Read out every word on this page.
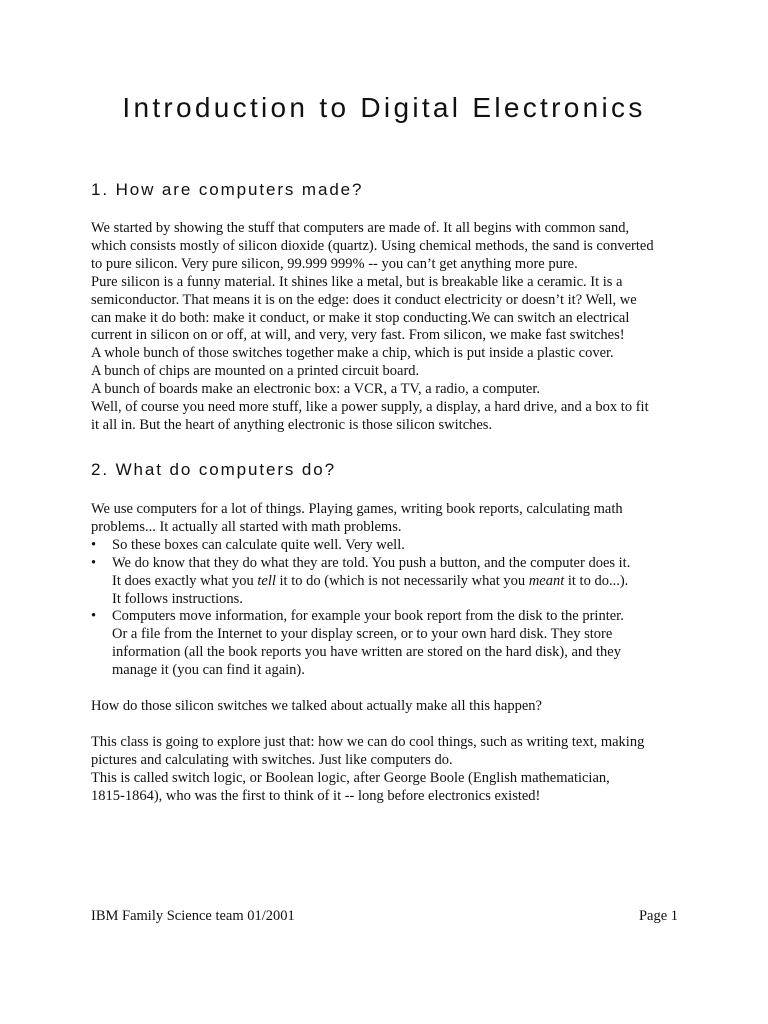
Introduction to Digital Electronics
1. How are computers made?
We started by showing the stuff that computers are made of. It all begins with common sand,
which consists mostly of silicon dioxide (quartz). Using chemical methods, the sand is converted
to pure silicon. Very pure silicon, 99.999 999% -- you can’t get anything more pure.
Pure silicon is a funny material. It shines like a metal, but is breakable like a ceramic. It is a
semiconductor. That means it is on the edge: does it conduct electricity or doesn’t it? Well, we
can make it do both: make it conduct, or make it stop conducting.We can switch an electrical
current in silicon on or off, at will, and very, very fast. From silicon, we make fast switches!
A whole bunch of those switches together make a chip, which is put inside a plastic cover.
A bunch of chips are mounted on a printed circuit board.
A bunch of boards make an electronic box: a VCR, a TV, a radio, a computer.
Well, of course you need more stuff, like a power supply, a display, a hard drive, and a box to fit
it all in. But the heart of anything electronic is those silicon switches.
2. What do computers do?
We use computers for a lot of things. Playing games, writing book reports, calculating math
problems... It actually all started with math problems.
• So these boxes can calculate quite well. Very well.
• We do know that they do what they are told. You push a button, and the computer does it.
It does exactly what you tell it to do (which is not necessarily what you meant it to do...).
It follows instructions.
• Computers move information, for example your book report from the disk to the printer.
Or a file from the Internet to your display screen, or to your own hard disk. They store
information (all the book reports you have written are stored on the hard disk), and they
manage it (you can find it again).
How do those silicon switches we talked about actually make all this happen?
This class is going to explore just that: how we can do cool things, such as writing text, making
pictures and calculating with switches. Just like computers do.
This is called switch logic, or Boolean logic, after George Boole (English mathematician,
1815-1864), who was the first to think of it -- long before electronics existed!
IBM Family Science team 01/2001	Page 1
